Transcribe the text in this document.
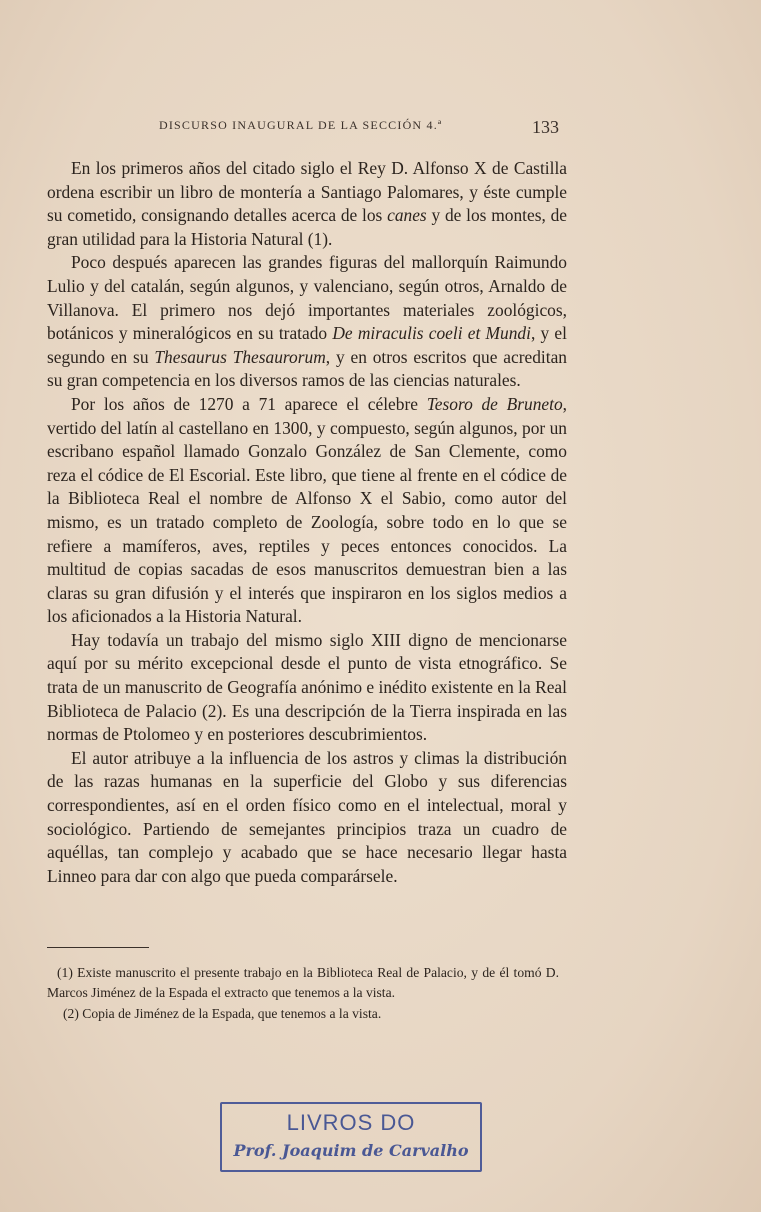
DISCURSO INAUGURAL DE LA SECCIÓN 4.ª	133

En los primeros años del citado siglo el Rey D. Alfonso X de Castilla ordena escribir un libro de montería a Santiago Palomares, y éste cumple su cometido, consignando detalles acerca de los canes y de los montes, de gran utilidad para la Historia Natural (1).

Poco después aparecen las grandes figuras del mallorquín Raimundo Lulio y del catalán, según algunos, y valenciano, según otros, Arnaldo de Villanova. El primero nos dejó importantes materiales zoológicos, botánicos y mineralógicos en su tratado De miraculis coeli et Mundi, y el segundo en su Thesaurus Thesaurorum, y en otros escritos que acreditan su gran competencia en los diversos ramos de las ciencias naturales.

Por los años de 1270 a 71 aparece el célebre Tesoro de Bruneto, vertido del latín al castellano en 1300, y compuesto, según algunos, por un escribano español llamado Gonzalo González de San Clemente, como reza el códice de El Escorial. Este libro, que tiene al frente en el códice de la Biblioteca Real el nombre de Alfonso X el Sabio, como autor del mismo, es un tratado completo de Zoología, sobre todo en lo que se refiere a mamíferos, aves, reptiles y peces entonces conocidos. La multitud de copias sacadas de esos manuscritos demuestran bien a las claras su gran difusión y el interés que inspiraron en los siglos medios a los aficionados a la Historia Natural.

Hay todavía un trabajo del mismo siglo XIII digno de mencionarse aquí por su mérito excepcional desde el punto de vista etnográfico. Se trata de un manuscrito de Geografía anónimo e inédito existente en la Real Biblioteca de Palacio (2). Es una descripción de la Tierra inspirada en las normas de Ptolomeo y en posteriores descubrimientos.

El autor atribuye a la influencia de los astros y climas la distribución de las razas humanas en la superficie del Globo y sus diferencias correspondientes, así en el orden físico como en el intelectual, moral y sociológico. Partiendo de semejantes principios traza un cuadro de aquéllas, tan complejo y acabado que se hace necesario llegar hasta Linneo para dar con algo que pueda comparársele.

(1) Existe manuscrito el presente trabajo en la Biblioteca Real de Palacio, y de él tomó D. Marcos Jiménez de la Espada el extracto que tenemos a la vista.

(2) Copia de Jiménez de la Espada, que tenemos a la vista.

LIVROS DO
Prof. Joaquim de Carvalho
